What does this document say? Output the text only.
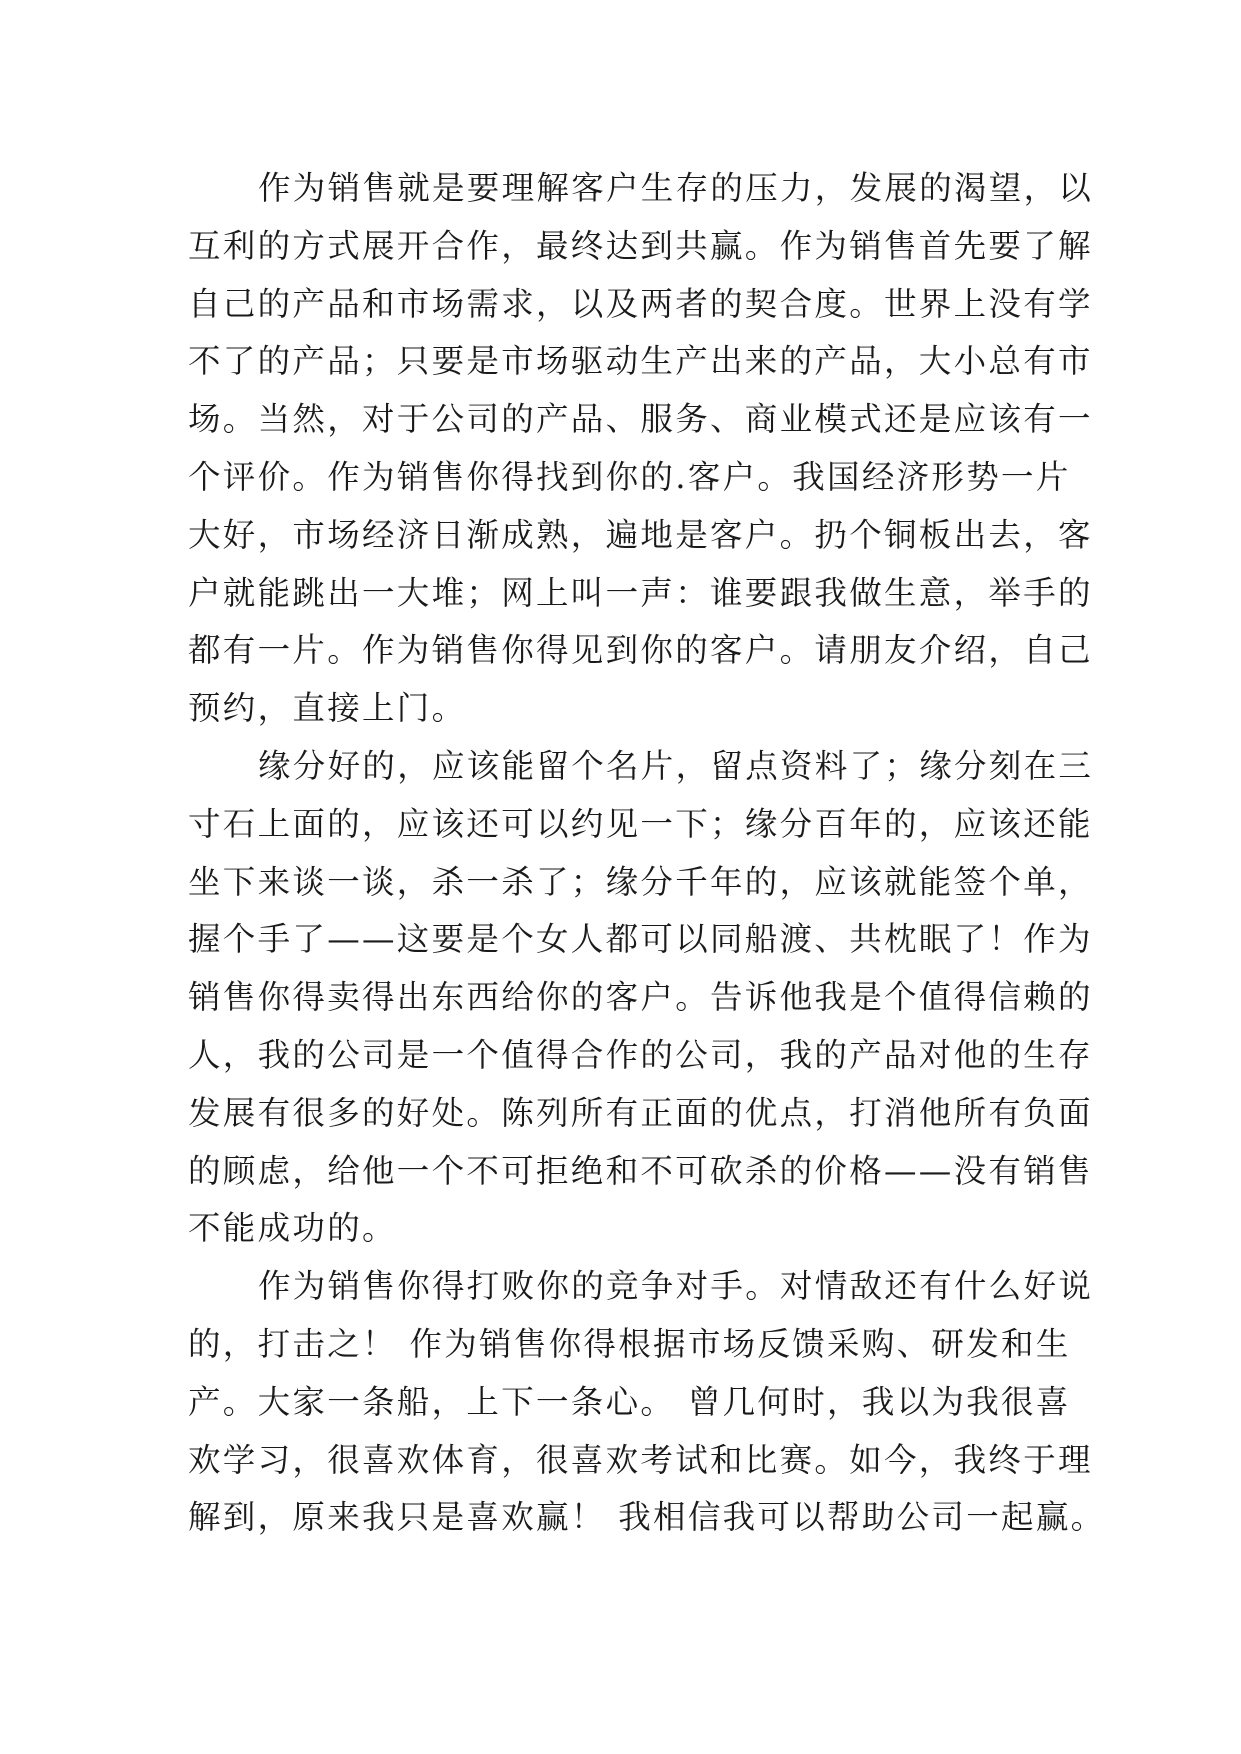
作为销售就是要理解客户生存的压力，发展的渴望，以
互利的方式展开合作，最终达到共赢。作为销售首先要了解
自己的产品和市场需求，以及两者的契合度。世界上没有学
不了的产品；只要是市场驱动生产出来的产品，大小总有市
场。当然，对于公司的产品、服务、商业模式还是应该有一
个评价。作为销售你得找到你的.客户。我国经济形势一片
大好，市场经济日渐成熟，遍地是客户。扔个铜板出去，客
户就能跳出一大堆；网上叫一声：谁要跟我做生意，举手的
都有一片。作为销售你得见到你的客户。请朋友介绍，自己
预约，直接上门。
缘分好的，应该能留个名片，留点资料了；缘分刻在三
寸石上面的，应该还可以约见一下；缘分百年的，应该还能
坐下来谈一谈，杀一杀了；缘分千年的，应该就能签个单，
握个手了——这要是个女人都可以同船渡、共枕眠了！作为
销售你得卖得出东西给你的客户。告诉他我是个值得信赖的
人，我的公司是一个值得合作的公司，我的产品对他的生存
发展有很多的好处。陈列所有正面的优点，打消他所有负面
的顾虑，给他一个不可拒绝和不可砍杀的价格——没有销售
不能成功的。
作为销售你得打败你的竞争对手。对情敌还有什么好说
的，打击之！ 作为销售你得根据市场反馈采购、研发和生
产。大家一条船，上下一条心。 曾几何时，我以为我很喜
欢学习，很喜欢体育，很喜欢考试和比赛。如今，我终于理
解到，原来我只是喜欢赢！ 我相信我可以帮助公司一起赢。
